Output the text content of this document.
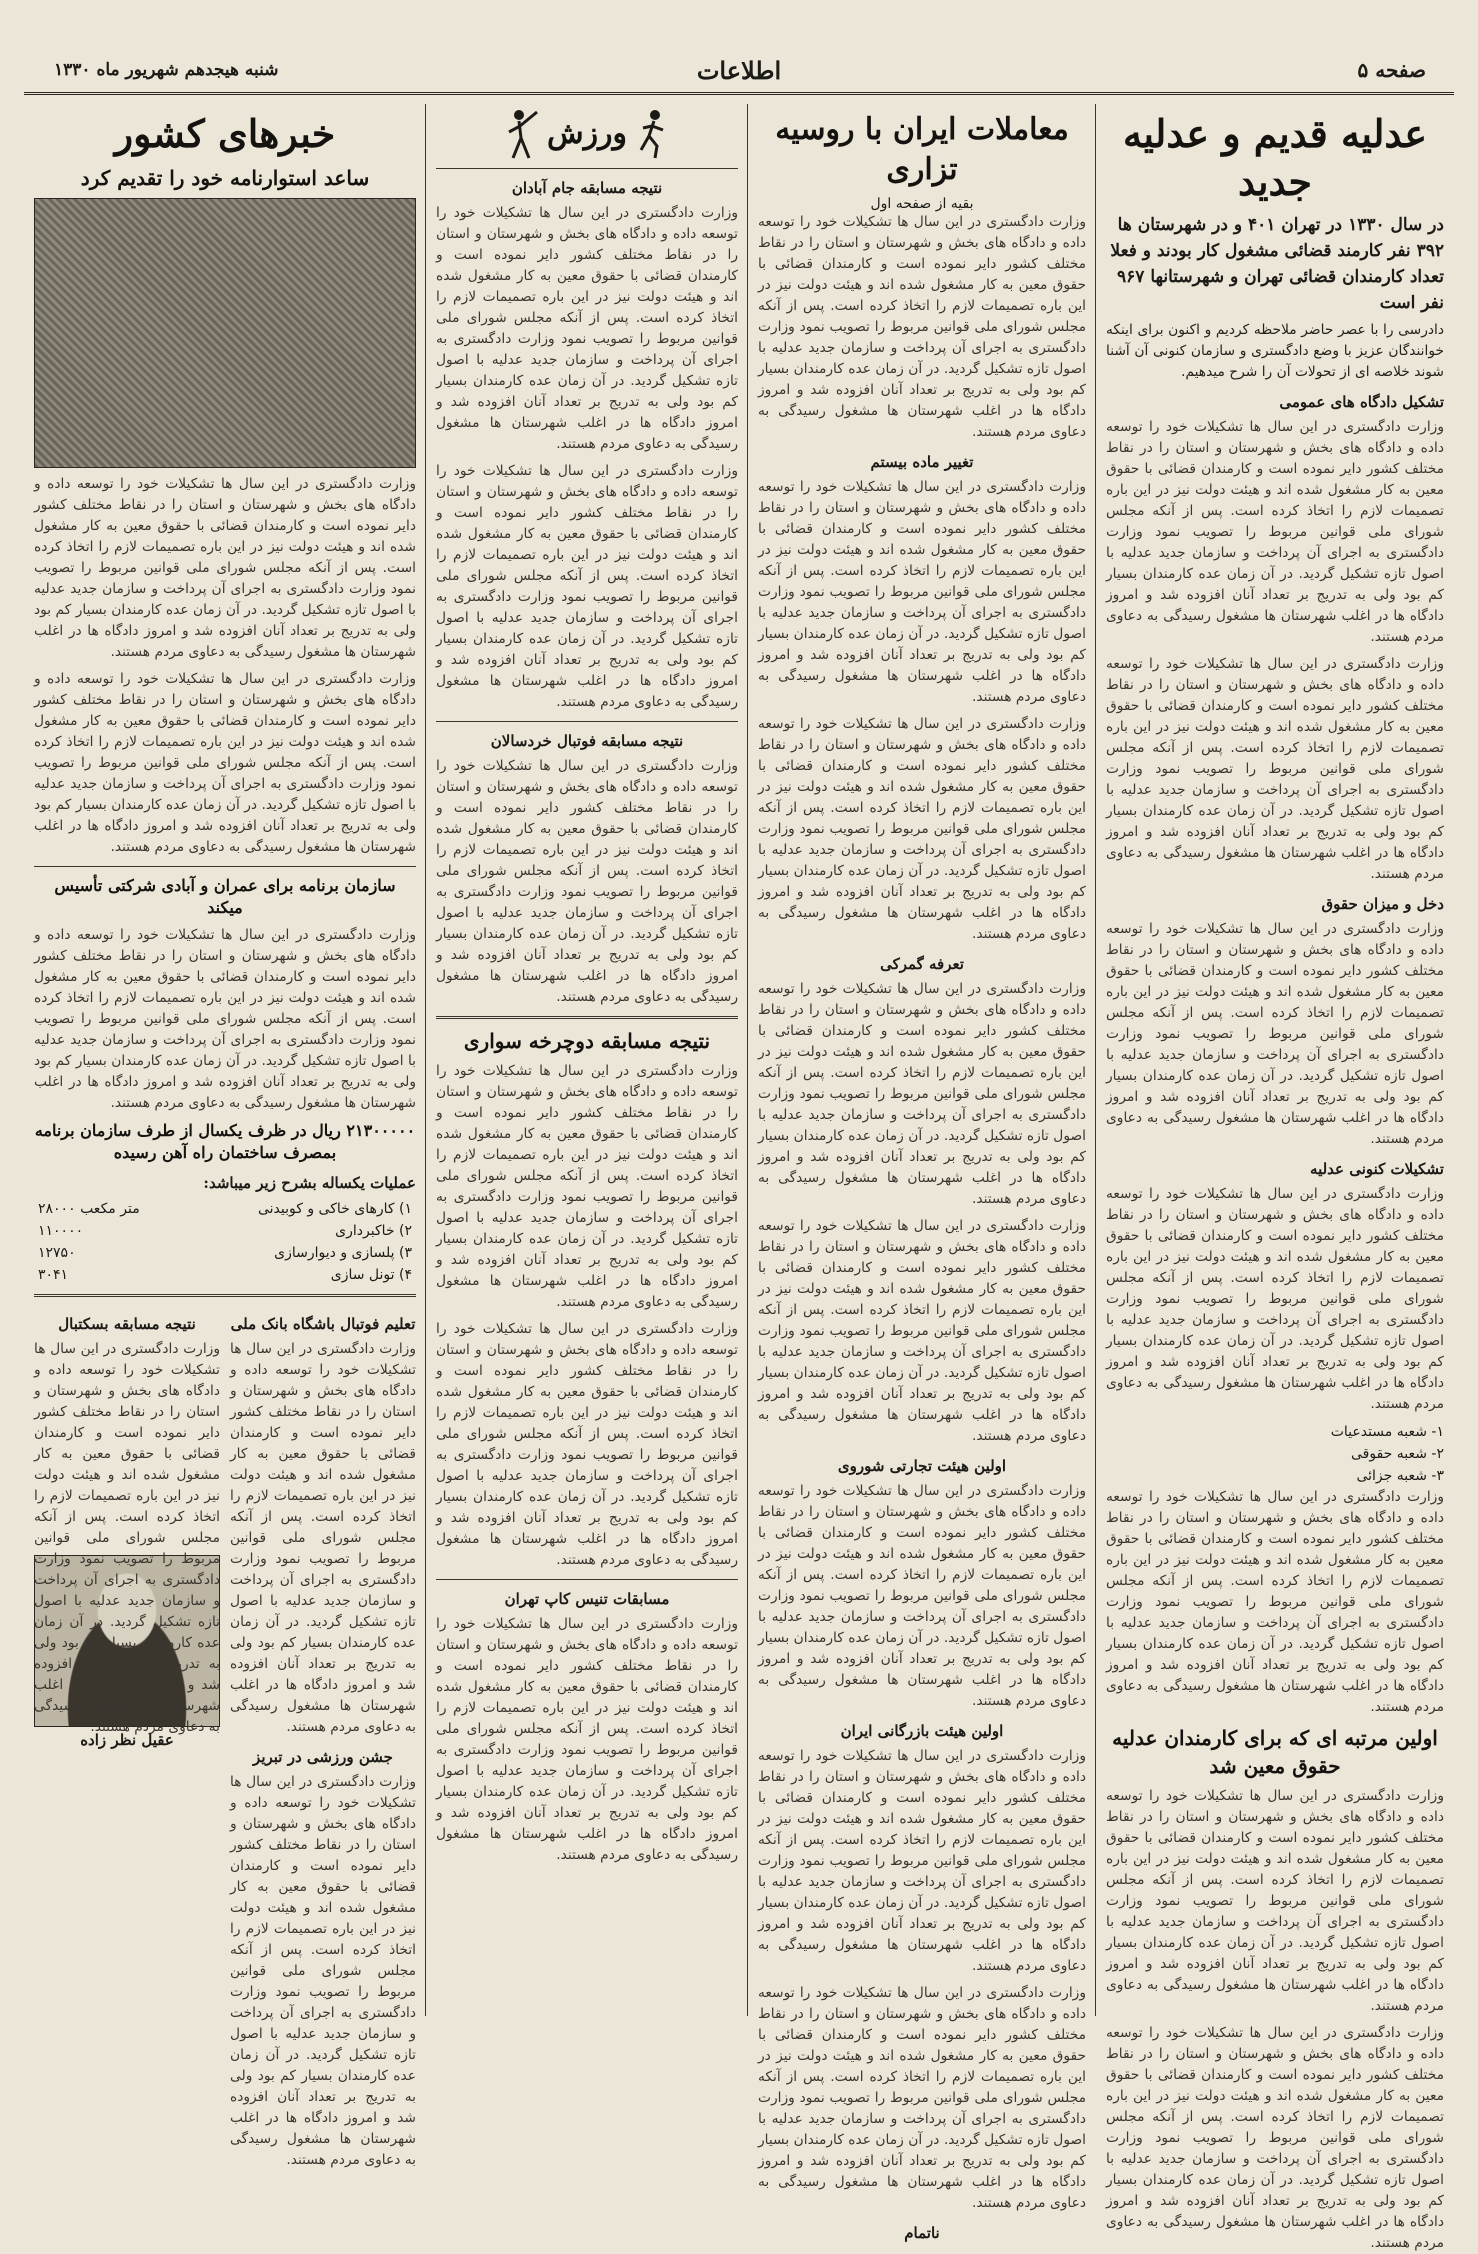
صفحه ۵
اطلاعات
شنبه هیجدهم شهریور ماه ۱۳۳۰
عدلیه قدیم و عدلیه جدید
در سال ۱۳۳۰ در تهران ۴۰۱ و در شهرستان ها ۳۹۲ نفر کارمند قضائی مشغول کار بودند و فعلا تعداد کارمندان قضائی تهران و شهرستانها ۹۶۷ نفر است

دادرسی را با عصر حاضر ملاحظه کردیم و اکنون برای اینکه خوانندگان عزیز با وضع دادگستری و سازمان کنونی آن آشنا شوند خلاصه ای از تحولات آن را شرح میدهیم.

تشکیل دادگاه های عمومی

وزارت دادگستری در این سال ها تشکیلات خود را توسعه داده و دادگاه های بخش و شهرستان و استان را در نقاط مختلف کشور دایر نموده است و کارمندان قضائی با حقوق معین به کار مشغول شده اند و هیئت دولت نیز در این باره تصمیمات لازم را اتخاذ کرده است. پس از آنکه مجلس شورای ملی قوانین مربوط را تصویب نمود وزارت دادگستری به اجرای آن پرداخت و سازمان جدید عدلیه با اصول تازه تشکیل گردید. در آن زمان عده کارمندان بسیار کم بود ولی به تدریج بر تعداد آنان افزوده شد و امروز دادگاه ها در اغلب شهرستان ها مشغول رسیدگی به دعاوی مردم هستند.

وزارت دادگستری در این سال ها تشکیلات خود را توسعه داده و دادگاه های بخش و شهرستان و استان را در نقاط مختلف کشور دایر نموده است و کارمندان قضائی با حقوق معین به کار مشغول شده اند و هیئت دولت نیز در این باره تصمیمات لازم را اتخاذ کرده است. پس از آنکه مجلس شورای ملی قوانین مربوط را تصویب نمود وزارت دادگستری به اجرای آن پرداخت و سازمان جدید عدلیه با اصول تازه تشکیل گردید. در آن زمان عده کارمندان بسیار کم بود ولی به تدریج بر تعداد آنان افزوده شد و امروز دادگاه ها در اغلب شهرستان ها مشغول رسیدگی به دعاوی مردم هستند.

دخل و میزان حقوق

وزارت دادگستری در این سال ها تشکیلات خود را توسعه داده و دادگاه های بخش و شهرستان و استان را در نقاط مختلف کشور دایر نموده است و کارمندان قضائی با حقوق معین به کار مشغول شده اند و هیئت دولت نیز در این باره تصمیمات لازم را اتخاذ کرده است. پس از آنکه مجلس شورای ملی قوانین مربوط را تصویب نمود وزارت دادگستری به اجرای آن پرداخت و سازمان جدید عدلیه با اصول تازه تشکیل گردید. در آن زمان عده کارمندان بسیار کم بود ولی به تدریج بر تعداد آنان افزوده شد و امروز دادگاه ها در اغلب شهرستان ها مشغول رسیدگی به دعاوی مردم هستند.

تشکیلات کنونی عدلیه

وزارت دادگستری در این سال ها تشکیلات خود را توسعه داده و دادگاه های بخش و شهرستان و استان را در نقاط مختلف کشور دایر نموده است و کارمندان قضائی با حقوق معین به کار مشغول شده اند و هیئت دولت نیز در این باره تصمیمات لازم را اتخاذ کرده است. پس از آنکه مجلس شورای ملی قوانین مربوط را تصویب نمود وزارت دادگستری به اجرای آن پرداخت و سازمان جدید عدلیه با اصول تازه تشکیل گردید. در آن زمان عده کارمندان بسیار کم بود ولی به تدریج بر تعداد آنان افزوده شد و امروز دادگاه ها در اغلب شهرستان ها مشغول رسیدگی به دعاوی مردم هستند.

۱- شعبه مستدعیات
۲- شعبه حقوقی
۳- شعبه جزائی

وزارت دادگستری در این سال ها تشکیلات خود را توسعه داده و دادگاه های بخش و شهرستان و استان را در نقاط مختلف کشور دایر نموده است و کارمندان قضائی با حقوق معین به کار مشغول شده اند و هیئت دولت نیز در این باره تصمیمات لازم را اتخاذ کرده است. پس از آنکه مجلس شورای ملی قوانین مربوط را تصویب نمود وزارت دادگستری به اجرای آن پرداخت و سازمان جدید عدلیه با اصول تازه تشکیل گردید. در آن زمان عده کارمندان بسیار کم بود ولی به تدریج بر تعداد آنان افزوده شد و امروز دادگاه ها در اغلب شهرستان ها مشغول رسیدگی به دعاوی مردم هستند.

اولین مرتبه ای که برای کارمندان عدلیه حقوق معین شد

وزارت دادگستری در این سال ها تشکیلات خود را توسعه داده و دادگاه های بخش و شهرستان و استان را در نقاط مختلف کشور دایر نموده است و کارمندان قضائی با حقوق معین به کار مشغول شده اند و هیئت دولت نیز در این باره تصمیمات لازم را اتخاذ کرده است. پس از آنکه مجلس شورای ملی قوانین مربوط را تصویب نمود وزارت دادگستری به اجرای آن پرداخت و سازمان جدید عدلیه با اصول تازه تشکیل گردید. در آن زمان عده کارمندان بسیار کم بود ولی به تدریج بر تعداد آنان افزوده شد و امروز دادگاه ها در اغلب شهرستان ها مشغول رسیدگی به دعاوی مردم هستند.

وزارت دادگستری در این سال ها تشکیلات خود را توسعه داده و دادگاه های بخش و شهرستان و استان را در نقاط مختلف کشور دایر نموده است و کارمندان قضائی با حقوق معین به کار مشغول شده اند و هیئت دولت نیز در این باره تصمیمات لازم را اتخاذ کرده است. پس از آنکه مجلس شورای ملی قوانین مربوط را تصویب نمود وزارت دادگستری به اجرای آن پرداخت و سازمان جدید عدلیه با اصول تازه تشکیل گردید. در آن زمان عده کارمندان بسیار کم بود ولی به تدریج بر تعداد آنان افزوده شد و امروز دادگاه ها در اغلب شهرستان ها مشغول رسیدگی به دعاوی مردم هستند.

معاملات ایران با روسیه تزاری
بقیه از صفحه اول

وزارت دادگستری در این سال ها تشکیلات خود را توسعه داده و دادگاه های بخش و شهرستان و استان را در نقاط مختلف کشور دایر نموده است و کارمندان قضائی با حقوق معین به کار مشغول شده اند و هیئت دولت نیز در این باره تصمیمات لازم را اتخاذ کرده است. پس از آنکه مجلس شورای ملی قوانین مربوط را تصویب نمود وزارت دادگستری به اجرای آن پرداخت و سازمان جدید عدلیه با اصول تازه تشکیل گردید. در آن زمان عده کارمندان بسیار کم بود ولی به تدریج بر تعداد آنان افزوده شد و امروز دادگاه ها در اغلب شهرستان ها مشغول رسیدگی به دعاوی مردم هستند.

تغییر ماده بیستم

وزارت دادگستری در این سال ها تشکیلات خود را توسعه داده و دادگاه های بخش و شهرستان و استان را در نقاط مختلف کشور دایر نموده است و کارمندان قضائی با حقوق معین به کار مشغول شده اند و هیئت دولت نیز در این باره تصمیمات لازم را اتخاذ کرده است. پس از آنکه مجلس شورای ملی قوانین مربوط را تصویب نمود وزارت دادگستری به اجرای آن پرداخت و سازمان جدید عدلیه با اصول تازه تشکیل گردید. در آن زمان عده کارمندان بسیار کم بود ولی به تدریج بر تعداد آنان افزوده شد و امروز دادگاه ها در اغلب شهرستان ها مشغول رسیدگی به دعاوی مردم هستند.

وزارت دادگستری در این سال ها تشکیلات خود را توسعه داده و دادگاه های بخش و شهرستان و استان را در نقاط مختلف کشور دایر نموده است و کارمندان قضائی با حقوق معین به کار مشغول شده اند و هیئت دولت نیز در این باره تصمیمات لازم را اتخاذ کرده است. پس از آنکه مجلس شورای ملی قوانین مربوط را تصویب نمود وزارت دادگستری به اجرای آن پرداخت و سازمان جدید عدلیه با اصول تازه تشکیل گردید. در آن زمان عده کارمندان بسیار کم بود ولی به تدریج بر تعداد آنان افزوده شد و امروز دادگاه ها در اغلب شهرستان ها مشغول رسیدگی به دعاوی مردم هستند.

تعرفه گمرکی

وزارت دادگستری در این سال ها تشکیلات خود را توسعه داده و دادگاه های بخش و شهرستان و استان را در نقاط مختلف کشور دایر نموده است و کارمندان قضائی با حقوق معین به کار مشغول شده اند و هیئت دولت نیز در این باره تصمیمات لازم را اتخاذ کرده است. پس از آنکه مجلس شورای ملی قوانین مربوط را تصویب نمود وزارت دادگستری به اجرای آن پرداخت و سازمان جدید عدلیه با اصول تازه تشکیل گردید. در آن زمان عده کارمندان بسیار کم بود ولی به تدریج بر تعداد آنان افزوده شد و امروز دادگاه ها در اغلب شهرستان ها مشغول رسیدگی به دعاوی مردم هستند.

وزارت دادگستری در این سال ها تشکیلات خود را توسعه داده و دادگاه های بخش و شهرستان و استان را در نقاط مختلف کشور دایر نموده است و کارمندان قضائی با حقوق معین به کار مشغول شده اند و هیئت دولت نیز در این باره تصمیمات لازم را اتخاذ کرده است. پس از آنکه مجلس شورای ملی قوانین مربوط را تصویب نمود وزارت دادگستری به اجرای آن پرداخت و سازمان جدید عدلیه با اصول تازه تشکیل گردید. در آن زمان عده کارمندان بسیار کم بود ولی به تدریج بر تعداد آنان افزوده شد و امروز دادگاه ها در اغلب شهرستان ها مشغول رسیدگی به دعاوی مردم هستند.

اولین هیئت تجارتی شوروی

وزارت دادگستری در این سال ها تشکیلات خود را توسعه داده و دادگاه های بخش و شهرستان و استان را در نقاط مختلف کشور دایر نموده است و کارمندان قضائی با حقوق معین به کار مشغول شده اند و هیئت دولت نیز در این باره تصمیمات لازم را اتخاذ کرده است. پس از آنکه مجلس شورای ملی قوانین مربوط را تصویب نمود وزارت دادگستری به اجرای آن پرداخت و سازمان جدید عدلیه با اصول تازه تشکیل گردید. در آن زمان عده کارمندان بسیار کم بود ولی به تدریج بر تعداد آنان افزوده شد و امروز دادگاه ها در اغلب شهرستان ها مشغول رسیدگی به دعاوی مردم هستند.

اولین هیئت بازرگانی ایران

وزارت دادگستری در این سال ها تشکیلات خود را توسعه داده و دادگاه های بخش و شهرستان و استان را در نقاط مختلف کشور دایر نموده است و کارمندان قضائی با حقوق معین به کار مشغول شده اند و هیئت دولت نیز در این باره تصمیمات لازم را اتخاذ کرده است. پس از آنکه مجلس شورای ملی قوانین مربوط را تصویب نمود وزارت دادگستری به اجرای آن پرداخت و سازمان جدید عدلیه با اصول تازه تشکیل گردید. در آن زمان عده کارمندان بسیار کم بود ولی به تدریج بر تعداد آنان افزوده شد و امروز دادگاه ها در اغلب شهرستان ها مشغول رسیدگی به دعاوی مردم هستند.

وزارت دادگستری در این سال ها تشکیلات خود را توسعه داده و دادگاه های بخش و شهرستان و استان را در نقاط مختلف کشور دایر نموده است و کارمندان قضائی با حقوق معین به کار مشغول شده اند و هیئت دولت نیز در این باره تصمیمات لازم را اتخاذ کرده است. پس از آنکه مجلس شورای ملی قوانین مربوط را تصویب نمود وزارت دادگستری به اجرای آن پرداخت و سازمان جدید عدلیه با اصول تازه تشکیل گردید. در آن زمان عده کارمندان بسیار کم بود ولی به تدریج بر تعداد آنان افزوده شد و امروز دادگاه ها در اغلب شهرستان ها مشغول رسیدگی به دعاوی مردم هستند.

ناتمام
ورزش
نتیجه مسابقه جام آبادان

وزارت دادگستری در این سال ها تشکیلات خود را توسعه داده و دادگاه های بخش و شهرستان و استان را در نقاط مختلف کشور دایر نموده است و کارمندان قضائی با حقوق معین به کار مشغول شده اند و هیئت دولت نیز در این باره تصمیمات لازم را اتخاذ کرده است. پس از آنکه مجلس شورای ملی قوانین مربوط را تصویب نمود وزارت دادگستری به اجرای آن پرداخت و سازمان جدید عدلیه با اصول تازه تشکیل گردید. در آن زمان عده کارمندان بسیار کم بود ولی به تدریج بر تعداد آنان افزوده شد و امروز دادگاه ها در اغلب شهرستان ها مشغول رسیدگی به دعاوی مردم هستند.

وزارت دادگستری در این سال ها تشکیلات خود را توسعه داده و دادگاه های بخش و شهرستان و استان را در نقاط مختلف کشور دایر نموده است و کارمندان قضائی با حقوق معین به کار مشغول شده اند و هیئت دولت نیز در این باره تصمیمات لازم را اتخاذ کرده است. پس از آنکه مجلس شورای ملی قوانین مربوط را تصویب نمود وزارت دادگستری به اجرای آن پرداخت و سازمان جدید عدلیه با اصول تازه تشکیل گردید. در آن زمان عده کارمندان بسیار کم بود ولی به تدریج بر تعداد آنان افزوده شد و امروز دادگاه ها در اغلب شهرستان ها مشغول رسیدگی به دعاوی مردم هستند.

نتیجه مسابقه فوتبال خردسالان

وزارت دادگستری در این سال ها تشکیلات خود را توسعه داده و دادگاه های بخش و شهرستان و استان را در نقاط مختلف کشور دایر نموده است و کارمندان قضائی با حقوق معین به کار مشغول شده اند و هیئت دولت نیز در این باره تصمیمات لازم را اتخاذ کرده است. پس از آنکه مجلس شورای ملی قوانین مربوط را تصویب نمود وزارت دادگستری به اجرای آن پرداخت و سازمان جدید عدلیه با اصول تازه تشکیل گردید. در آن زمان عده کارمندان بسیار کم بود ولی به تدریج بر تعداد آنان افزوده شد و امروز دادگاه ها در اغلب شهرستان ها مشغول رسیدگی به دعاوی مردم هستند.

نتیجه مسابقه دوچرخه سواری

وزارت دادگستری در این سال ها تشکیلات خود را توسعه داده و دادگاه های بخش و شهرستان و استان را در نقاط مختلف کشور دایر نموده است و کارمندان قضائی با حقوق معین به کار مشغول شده اند و هیئت دولت نیز در این باره تصمیمات لازم را اتخاذ کرده است. پس از آنکه مجلس شورای ملی قوانین مربوط را تصویب نمود وزارت دادگستری به اجرای آن پرداخت و سازمان جدید عدلیه با اصول تازه تشکیل گردید. در آن زمان عده کارمندان بسیار کم بود ولی به تدریج بر تعداد آنان افزوده شد و امروز دادگاه ها در اغلب شهرستان ها مشغول رسیدگی به دعاوی مردم هستند.

وزارت دادگستری در این سال ها تشکیلات خود را توسعه داده و دادگاه های بخش و شهرستان و استان را در نقاط مختلف کشور دایر نموده است و کارمندان قضائی با حقوق معین به کار مشغول شده اند و هیئت دولت نیز در این باره تصمیمات لازم را اتخاذ کرده است. پس از آنکه مجلس شورای ملی قوانین مربوط را تصویب نمود وزارت دادگستری به اجرای آن پرداخت و سازمان جدید عدلیه با اصول تازه تشکیل گردید. در آن زمان عده کارمندان بسیار کم بود ولی به تدریج بر تعداد آنان افزوده شد و امروز دادگاه ها در اغلب شهرستان ها مشغول رسیدگی به دعاوی مردم هستند.

مسابقات تنیس کاپ تهران

وزارت دادگستری در این سال ها تشکیلات خود را توسعه داده و دادگاه های بخش و شهرستان و استان را در نقاط مختلف کشور دایر نموده است و کارمندان قضائی با حقوق معین به کار مشغول شده اند و هیئت دولت نیز در این باره تصمیمات لازم را اتخاذ کرده است. پس از آنکه مجلس شورای ملی قوانین مربوط را تصویب نمود وزارت دادگستری به اجرای آن پرداخت و سازمان جدید عدلیه با اصول تازه تشکیل گردید. در آن زمان عده کارمندان بسیار کم بود ولی به تدریج بر تعداد آنان افزوده شد و امروز دادگاه ها در اغلب شهرستان ها مشغول رسیدگی به دعاوی مردم هستند.

خبرهای کشور
ساعد استوارنامه خود را تقدیم کرد

وزارت دادگستری در این سال ها تشکیلات خود را توسعه داده و دادگاه های بخش و شهرستان و استان را در نقاط مختلف کشور دایر نموده است و کارمندان قضائی با حقوق معین به کار مشغول شده اند و هیئت دولت نیز در این باره تصمیمات لازم را اتخاذ کرده است. پس از آنکه مجلس شورای ملی قوانین مربوط را تصویب نمود وزارت دادگستری به اجرای آن پرداخت و سازمان جدید عدلیه با اصول تازه تشکیل گردید. در آن زمان عده کارمندان بسیار کم بود ولی به تدریج بر تعداد آنان افزوده شد و امروز دادگاه ها در اغلب شهرستان ها مشغول رسیدگی به دعاوی مردم هستند.

وزارت دادگستری در این سال ها تشکیلات خود را توسعه داده و دادگاه های بخش و شهرستان و استان را در نقاط مختلف کشور دایر نموده است و کارمندان قضائی با حقوق معین به کار مشغول شده اند و هیئت دولت نیز در این باره تصمیمات لازم را اتخاذ کرده است. پس از آنکه مجلس شورای ملی قوانین مربوط را تصویب نمود وزارت دادگستری به اجرای آن پرداخت و سازمان جدید عدلیه با اصول تازه تشکیل گردید. در آن زمان عده کارمندان بسیار کم بود ولی به تدریج بر تعداد آنان افزوده شد و امروز دادگاه ها در اغلب شهرستان ها مشغول رسیدگی به دعاوی مردم هستند.

سازمان برنامه برای عمران و آبادی شرکتی تأسیس میکند

وزارت دادگستری در این سال ها تشکیلات خود را توسعه داده و دادگاه های بخش و شهرستان و استان را در نقاط مختلف کشور دایر نموده است و کارمندان قضائی با حقوق معین به کار مشغول شده اند و هیئت دولت نیز در این باره تصمیمات لازم را اتخاذ کرده است. پس از آنکه مجلس شورای ملی قوانین مربوط را تصویب نمود وزارت دادگستری به اجرای آن پرداخت و سازمان جدید عدلیه با اصول تازه تشکیل گردید. در آن زمان عده کارمندان بسیار کم بود ولی به تدریج بر تعداد آنان افزوده شد و امروز دادگاه ها در اغلب شهرستان ها مشغول رسیدگی به دعاوی مردم هستند.

۲۱۳۰۰۰۰۰ ریال در ظرف یکسال از طرف سازمان برنامه بمصرف ساختمان راه آهن رسیده
عملیات یکساله بشرح زیر میباشد:
۱) کارهای خاکی و کوبیدنی	۲۸۰۰۰ متر مکعب
۲) خاکبرداری	۱۱۰۰۰۰
۳) پلسازی و دیوارسازی	۱۲۷۵۰
۴) تونل سازی	۳۰۴۱
تعلیم فوتبال باشگاه بانک ملی

وزارت دادگستری در این سال ها تشکیلات خود را توسعه داده و دادگاه های بخش و شهرستان و استان را در نقاط مختلف کشور دایر نموده است و کارمندان قضائی با حقوق معین به کار مشغول شده اند و هیئت دولت نیز در این باره تصمیمات لازم را اتخاذ کرده است. پس از آنکه مجلس شورای ملی قوانین مربوط را تصویب نمود وزارت دادگستری به اجرای آن پرداخت و سازمان جدید عدلیه با اصول تازه تشکیل گردید. در آن زمان عده کارمندان بسیار کم بود ولی به تدریج بر تعداد آنان افزوده شد و امروز دادگاه ها در اغلب شهرستان ها مشغول رسیدگی به دعاوی مردم هستند.

جشن ورزشی در تبریز

وزارت دادگستری در این سال ها تشکیلات خود را توسعه داده و دادگاه های بخش و شهرستان و استان را در نقاط مختلف کشور دایر نموده است و کارمندان قضائی با حقوق معین به کار مشغول شده اند و هیئت دولت نیز در این باره تصمیمات لازم را اتخاذ کرده است. پس از آنکه مجلس شورای ملی قوانین مربوط را تصویب نمود وزارت دادگستری به اجرای آن پرداخت و سازمان جدید عدلیه با اصول تازه تشکیل گردید. در آن زمان عده کارمندان بسیار کم بود ولی به تدریج بر تعداد آنان افزوده شد و امروز دادگاه ها در اغلب شهرستان ها مشغول رسیدگی به دعاوی مردم هستند.

نتیجه مسابقه بسکتبال

وزارت دادگستری در این سال ها تشکیلات خود را توسعه داده و دادگاه های بخش و شهرستان و استان را در نقاط مختلف کشور دایر نموده است و کارمندان قضائی با حقوق معین به کار مشغول شده اند و هیئت دولت نیز در این باره تصمیمات لازم را اتخاذ کرده است. پس از آنکه مجلس شورای ملی قوانین مربوط را تصویب نمود وزارت دادگستری به اجرای آن پرداخت و سازمان جدید عدلیه با اصول تازه تشکیل گردید. در آن زمان عده کارمندان بسیار کم بود ولی به تدریج بر تعداد آنان افزوده شد و امروز دادگاه ها در اغلب شهرستان ها مشغول رسیدگی به دعاوی مردم هستند.

عقیل نظر زاده
